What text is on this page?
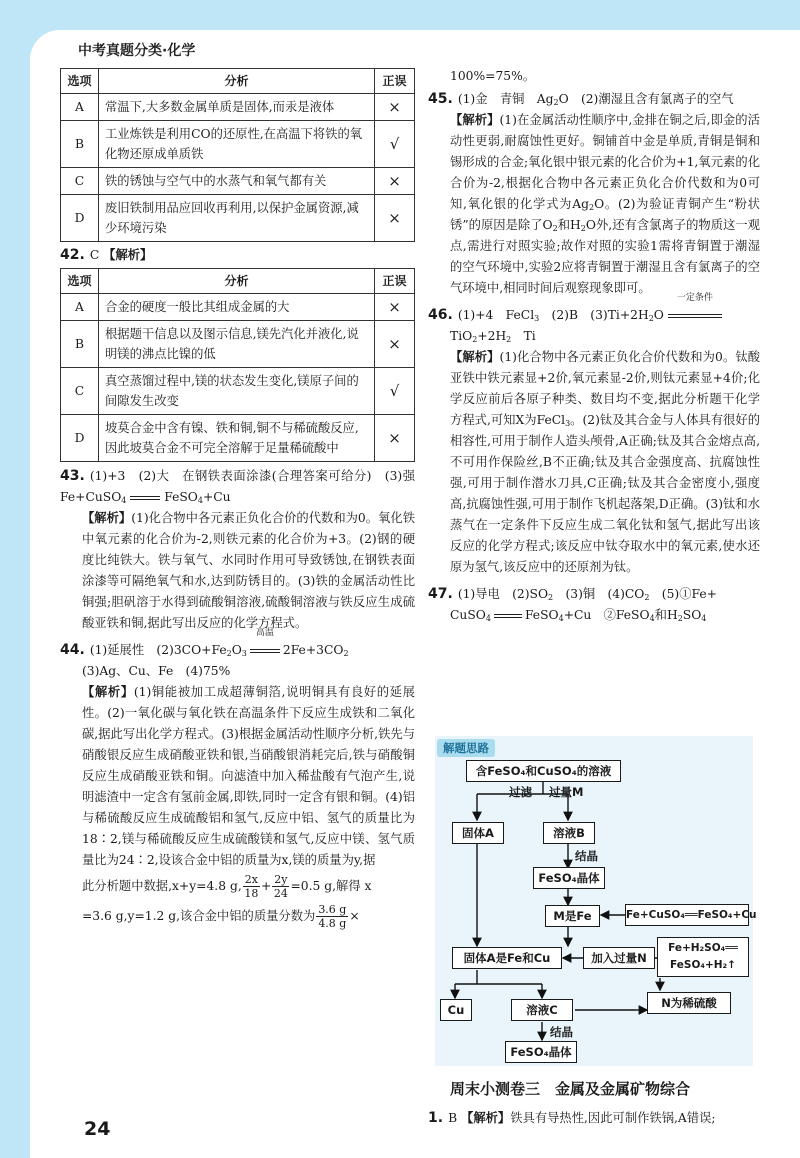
中考真题分类·化学
选项	分析	正误
A	常温下,大多数金属单质是固体,而汞是液体	×
B	工业炼铁是利用CO的还原性,在高温下将铁的氧化物还原成单质铁	√
C	铁的锈蚀与空气中的水蒸气和氧气都有关	×
D	废旧铁制用品应回收再利用,以保护金属资源,减少环境污染	×

42. C 【解析】

选项	分析	正误
A	合金的硬度一般比其组成金属的大	×
B	根据题干信息以及图示信息,镁先汽化并液化,说明镁的沸点比镍的低	×
C	真空蒸馏过程中,镁的状态发生变化,镁原子间的间隙发生改变	√
D	坡莫合金中含有镍、铁和铜,铜不与稀硫酸反应,因此坡莫合金不可完全溶解于足量稀硫酸中	×

43. (1)+3　(2)大　在钢铁表面涂漆(合理答案可给分)　(3)强　Fe+CuSO$_4$	FeSO$_4$+Cu

【解析】(1)化合物中各元素正负化合价的代数和为0。氧化铁中氧元素的化合价为-2,则铁元素的化合价为+3。(2)钢的硬度比纯铁大。铁与氧气、水同时作用可导致锈蚀,在钢铁表面涂漆等可隔绝氧气和水,达到防锈目的。(3)铁的金属活动性比铜强;胆矾溶于水得到硫酸铜溶液,硫酸铜溶液与铁反应生成硫酸亚铁和铜,据此写出反应的化学方程式。

44. (1)延展性　$(2)3CO+Fe_2O_3$
高温
$2Fe+3CO_2$

(3)Ag、Cu、Fe　(4)75%

【解析】(1)铜能被加工成超薄铜箔,说明铜具有良好的延展性。(2)一氧化碳与氧化铁在高温条件下反应生成铁和二氧化碳,据此写出化学方程式。(3)根据金属活动性顺序分析,铁先与硝酸银反应生成硝酸亚铁和银,当硝酸银消耗完后,铁与硝酸铜反应生成硝酸亚铁和铜。向滤渣中加入稀盐酸有气泡产生,说明滤渣中一定含有氢前金属,即铁,同时一定含有银和铜。(4)铝与稀硫酸反应生成硫酸铝和氢气,反应中铝、氢气的质量比为18∶2,镁与稀硫酸反应生成硫酸镁和氢气,反应中镁、氢气质量比为24∶2,设该合金中铝的质量为x,镁的质量为y,据

此分析题中数据,x+y=4.8 g, $\frac{2x}{18} + \frac{2y}{24} =0.5$ g,解得 x

=3.6 g,y=1.2 g,该合金中铝的质量分数为 $\frac{3.6 g}{4.8 g}$ ×

100%=75%。

45. (1)金　青铜　$Ag_2O$　(2)潮湿且含有氯离子的空气

【解析】(1)在金属活动性顺序中,金排在铜之后,即金的活动性更弱,耐腐蚀性更好。铜铺首中金是单质,青铜是铜和锡形成的合金;氧化银中银元素的化合价为+1,氧元素的化合价为-2,根据化合物中各元素正负化合价代数和为0可知,氧化银的化学式为$Ag_2O$。(2)为验证青铜产生“粉状锈”的原因是除了$O_2$和$H_2O$外,还有含氯离子的物质这一观点,需进行对照实验;故作对照的实验1需将青铜置于潮湿的空气环境中,实验2应将青铜置于潮湿且含有氯离子的空气环境中,相同时间后观察现象即可。

46. (1)+4　FeCl$_3$　 (2)B　$(3)Ti+2H_2O$
一定条件

$TiO_2+2H_2$　 Ti

【解析】(1)化合物中各元素正负化合价代数和为0。钛酸亚铁中铁元素显+2价,氧元素显-2价,则钛元素显+4价;化学反应前后各原子种类、数目均不变,据此分析题干化学方程式,可知X为FeCl$_3$。(2)钛及其合金与人体具有很好的相容性,可用于制作人造头颅骨,A正确;钛及其合金熔点高,不可用作保险丝,B不正确;钛及其合金强度高、抗腐蚀性强,可用于制作潜水刀具,C正确;钛及其合金密度小,强度高,抗腐蚀性强,可用于制作飞机起落架,D正确。(3)钛和水蒸气在一定条件下反应生成二氧化钛和氢气,据此写出该反应的化学方程式;该反应中钛夺取水中的氧元素,使水还原为氢气,该反应中的还原剂为钛。

47. (1)导电　$(2)SO_2$　 (3)铜　$(4)CO_2$　 (5)①Fe+

CuSO$_4$	FeSO$_4$+Cu　②FeSO$_4$和$H_2SO_4$

解题思路
含FeSO₄和CuSO₄的溶液
过滤 过量M
固体A	溶液B
结晶
FeSO₄晶体
M是Fe	Fe+CuSO₄══FeSO₄+Cu
固体A是Fe和Cu	加入过量N
Fe+H₂SO₄══
FeSO₄+H₂↑
N为稀硫酸
Cu	溶液C
结晶
FeSO₄晶体
周末小测卷三　金属及金属矿物综合

1. B 【解析】铁具有导热性,因此可制作铁锅,A错误;

24
